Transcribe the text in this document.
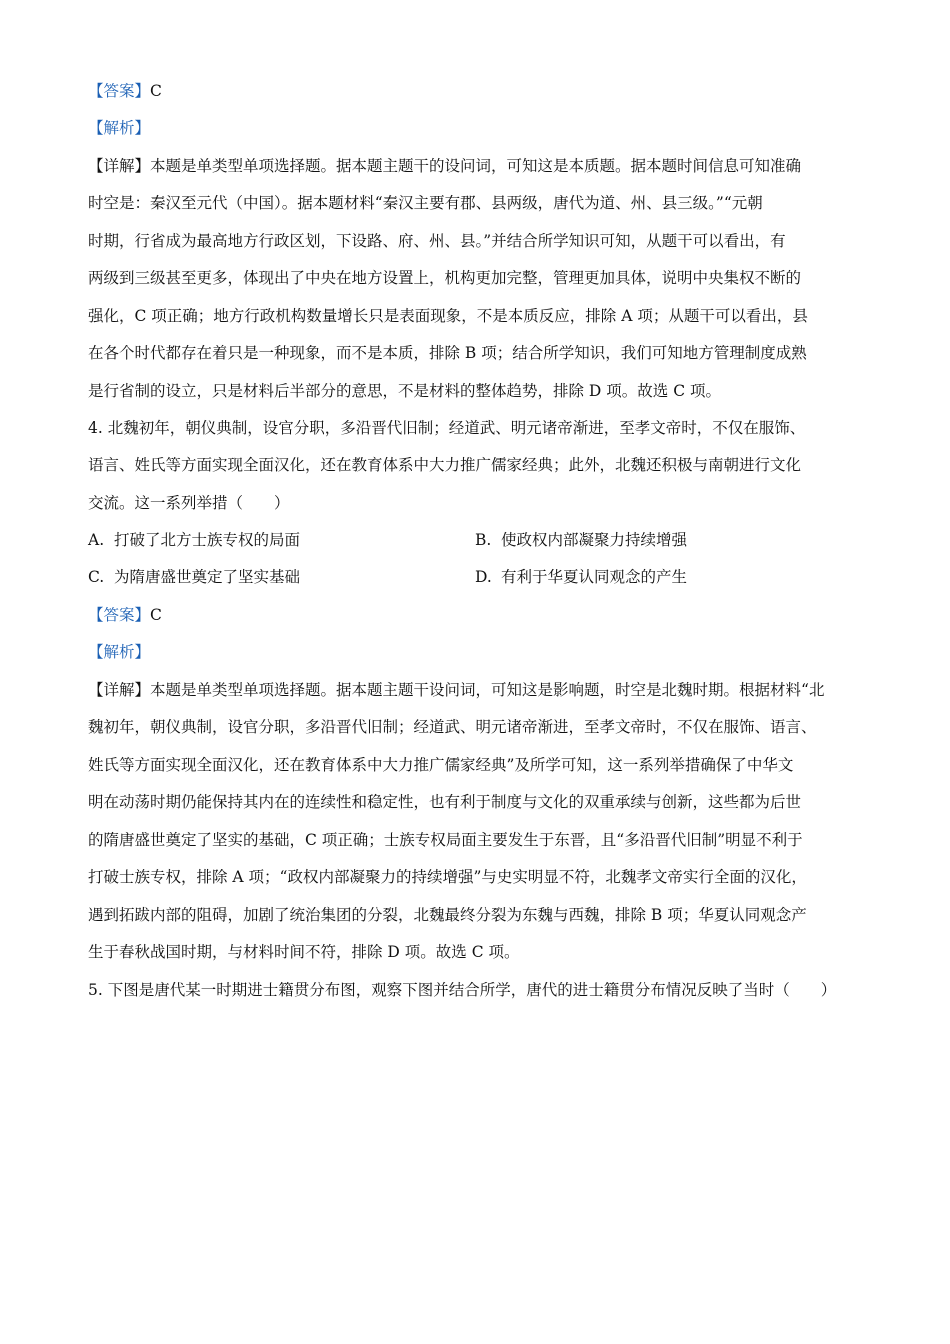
【答案】C
【解析】
【详解】本题是单类型单项选择题。据本题主题干的设问词，可知这是本质题。据本题时间信息可知准确
时空是：秦汉至元代（中国）。据本题材料“秦汉主要有郡、县两级，唐代为道、州、县三级。”“元朝
时期，行省成为最高地方行政区划，下设路、府、州、县。”并结合所学知识可知，从题干可以看出，有
两级到三级甚至更多，体现出了中央在地方设置上，机构更加完整，管理更加具体，说明中央集权不断的
强化，C 项正确；地方行政机构数量增长只是表面现象，不是本质反应，排除 A 项；从题干可以看出，县
在各个时代都存在着只是一种现象，而不是本质，排除 B 项；结合所学知识，我们可知地方管理制度成熟
是行省制的设立，只是材料后半部分的意思，不是材料的整体趋势，排除 D 项。故选 C 项。
4. 北魏初年，朝仪典制，设官分职，多沿晋代旧制；经道武、明元诸帝渐进，至孝文帝时，不仅在服饰、
语言、姓氏等方面实现全面汉化，还在教育体系中大力推广儒家经典；此外，北魏还积极与南朝进行文化
交流。这一系列举措（　　）
A. 打破了北方士族专权的局面	B. 使政权内部凝聚力持续增强
C. 为隋唐盛世奠定了坚实基础	D. 有利于华夏认同观念的产生
【答案】C
【解析】
【详解】本题是单类型单项选择题。据本题主题干设问词，可知这是影响题，时空是北魏时期。根据材料“北
魏初年，朝仪典制，设官分职，多沿晋代旧制；经道武、明元诸帝渐进，至孝文帝时，不仅在服饰、语言、
姓氏等方面实现全面汉化，还在教育体系中大力推广儒家经典”及所学可知，这一系列举措确保了中华文
明在动荡时期仍能保持其内在的连续性和稳定性，也有利于制度与文化的双重承续与创新，这些都为后世
的隋唐盛世奠定了坚实的基础，C 项正确；士族专权局面主要发生于东晋，且“多沿晋代旧制”明显不利于
打破士族专权，排除 A 项；“政权内部凝聚力的持续增强”与史实明显不符，北魏孝文帝实行全面的汉化，
遇到拓跋内部的阻碍，加剧了统治集团的分裂，北魏最终分裂为东魏与西魏，排除 B 项；华夏认同观念产
生于春秋战国时期，与材料时间不符，排除 D 项。故选 C 项。
5. 下图是唐代某一时期进士籍贯分布图，观察下图并结合所学，唐代的进士籍贯分布情况反映了当时（　　）
